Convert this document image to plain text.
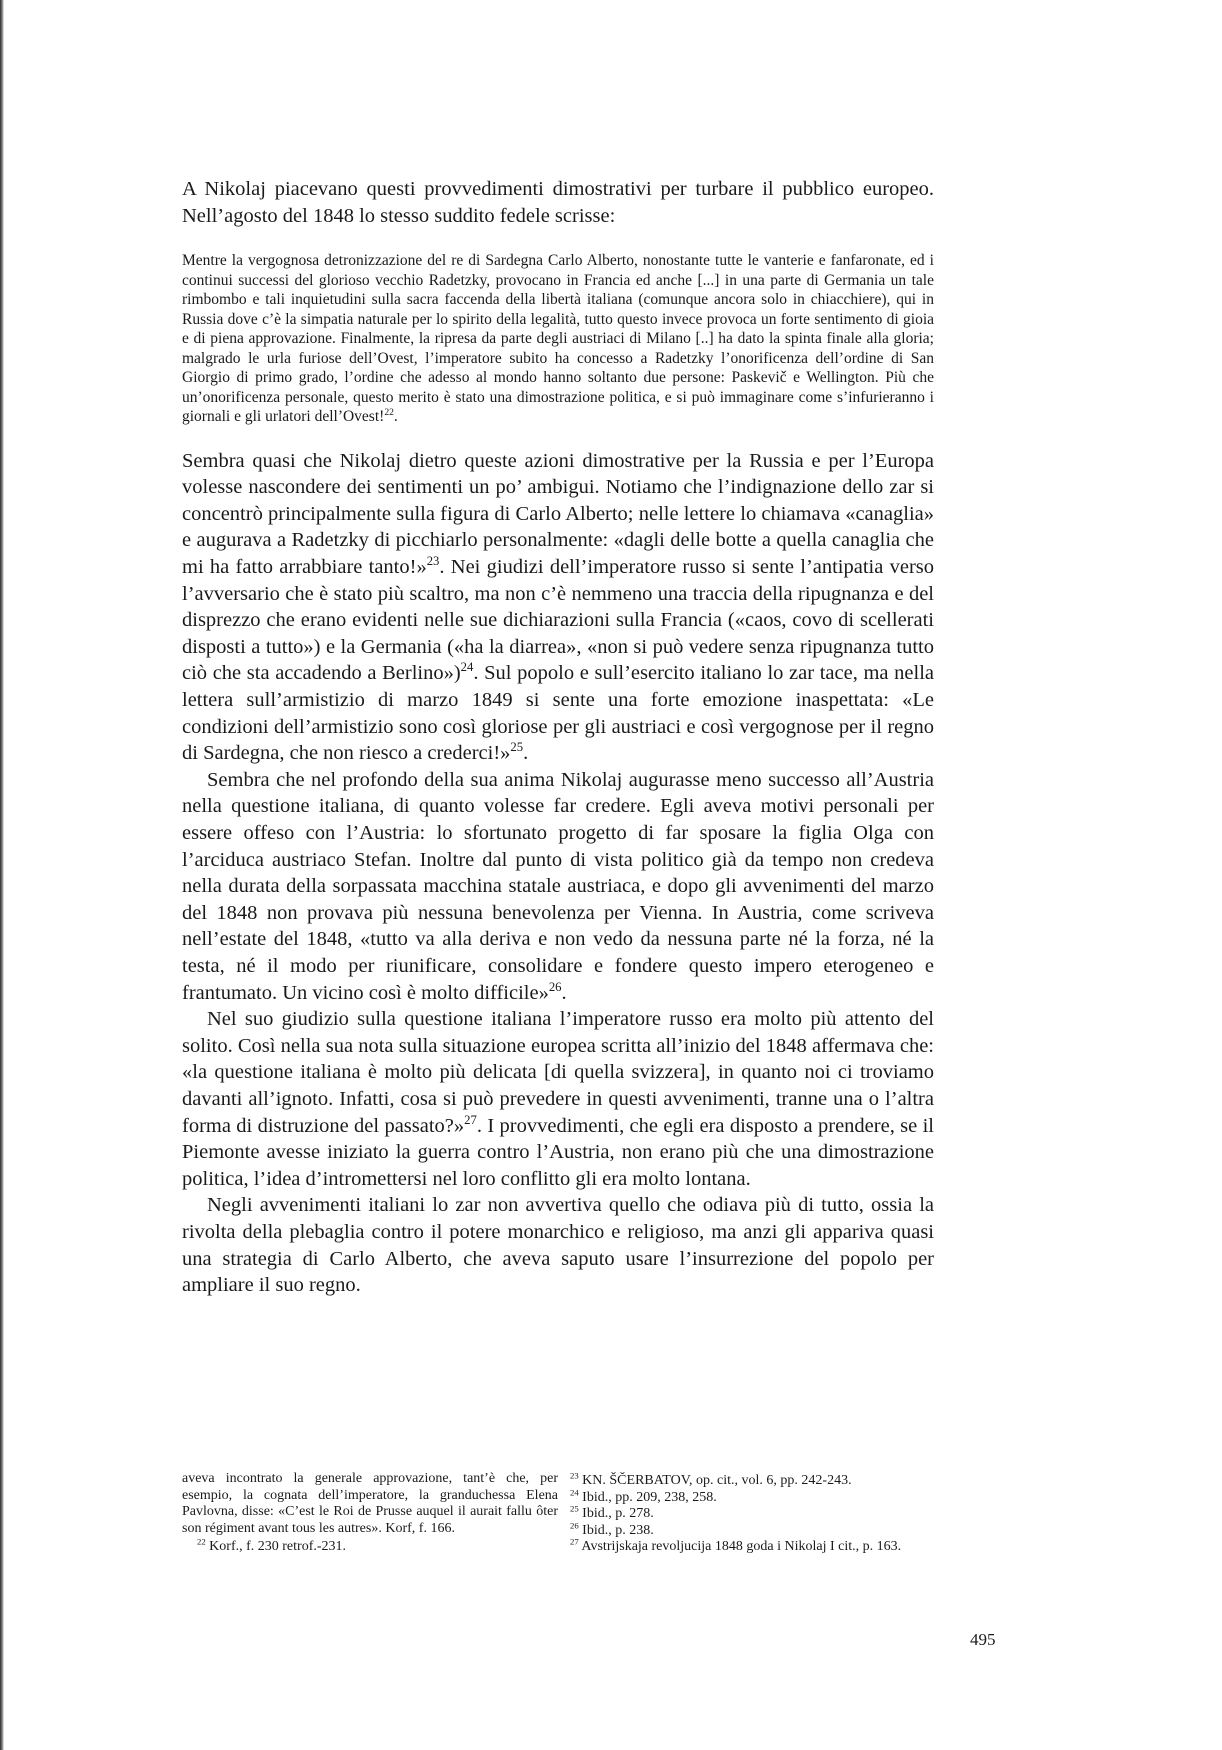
A Nikolaj piacevano questi provvedimenti dimostrativi per turbare il pubblico europeo. Nell’agosto del 1848 lo stesso suddito fedele scrisse:

Mentre la vergognosa detronizzazione del re di Sardegna Carlo Alberto, nonostante tutte le vanterie e fanfaronate, ed i continui successi del glorioso vecchio Radetzky, provocano in Francia ed anche [...] in una parte di Germania un tale rimbombo e tali inquietudini sulla sacra faccenda della libertà italiana (comunque ancora solo in chiacchiere), qui in Russia dove c’è la simpatia naturale per lo spirito della legalità, tutto questo invece provoca un forte sentimento di gioia e di piena approvazione. Finalmente, la ripresa da parte degli austriaci di Milano [..] ha dato la spinta finale alla gloria; malgrado le urla furiose dell’Ovest, l’imperatore subito ha concesso a Radetzky l’onorificenza dell’ordine di San Giorgio di primo grado, l’ordine che adesso al mondo hanno soltanto due persone: Paskevič e Wellington. Più che un’onorificenza personale, questo merito è stato una dimostrazione politica, e si può immaginare come s’infurieranno i giornali e gli urlatori dell’Ovest!$^{22}$.

Sembra quasi che Nikolaj dietro queste azioni dimostrative per la Russia e per l’Europa volesse nascondere dei sentimenti un po’ ambigui. Notiamo che l’indignazione dello zar si concentrò principalmente sulla figura di Carlo Alberto; nelle lettere lo chiamava «canaglia» e augurava a Radetzky di picchiarlo personalmente: «dagli delle botte a quella canaglia che mi ha fatto arrabbiare tanto!»$^{23}$. Nei giudizi dell’imperatore russo si sente l’antipatia verso l’avversario che è stato più scaltro, ma non c’è nemmeno una traccia della ripugnanza e del disprezzo che erano evidenti nelle sue dichiarazioni sulla Francia («caos, covo di scellerati disposti a tutto») e la Germania («ha la diarrea», «non si può vedere senza ripugnanza tutto ciò che sta accadendo a Berlino»)$^{24}$. Sul popolo e sull’esercito italiano lo zar tace, ma nella lettera sull’armistizio di marzo 1849 si sente una forte emozione inaspettata: «Le condizioni dell’armistizio sono così gloriose per gli austriaci e così vergognose per il regno di Sardegna, che non riesco a crederci!»$^{25}$.

Sembra che nel profondo della sua anima Nikolaj augurasse meno successo all’Austria nella questione italiana, di quanto volesse far credere. Egli aveva motivi personali per essere offeso con l’Austria: lo sfortunato progetto di far sposare la figlia Olga con l’arciduca austriaco Stefan. Inoltre dal punto di vista politico già da tempo non credeva nella durata della sorpassata macchina statale austriaca, e dopo gli avvenimenti del marzo del 1848 non provava più nessuna benevolenza per Vienna. In Austria, come scriveva nell’estate del 1848, «tutto va alla deriva e non vedo da nessuna parte né la forza, né la testa, né il modo per riunificare, consolidare e fondere questo impero eterogeneo e frantumato. Un vicino così è molto difficile»$^{26}$.

Nel suo giudizio sulla questione italiana l’imperatore russo era molto più attento del solito. Così nella sua nota sulla situazione europea scritta all’inizio del 1848 affermava che: «la questione italiana è molto più delicata [di quella svizzera], in quanto noi ci troviamo davanti all’ignoto. Infatti, cosa si può prevedere in questi avvenimenti, tranne una o l’altra forma di distruzione del passato?»$^{27}$. I provvedimenti, che egli era disposto a prendere, se il Piemonte avesse iniziato la guerra contro l’Austria, non erano più che una dimostrazione politica, l’idea d’intromettersi nel loro conflitto gli era molto lontana.

Negli avvenimenti italiani lo zar non avvertiva quello che odiava più di tutto, ossia la rivolta della plebaglia contro il potere monarchico e religioso, ma anzi gli appariva quasi una strategia di Carlo Alberto, che aveva saputo usare l’insurrezione del popolo per ampliare il suo regno.

aveva incontrato la generale approvazione, tant’è che, per esempio, la cognata dell’imperatore, la granduchessa Elena Pavlovna, disse: «C’est le Roi de Prusse auquel il aurait fallu ôter son régiment avant tous les autres». Korf, f. 166.

$^{22}$ Korf., f. 230 retrof.-231.

$^{23}$ KN. ŠČERBATOV, op. cit., vol. 6, pp. 242-243.

$^{24}$ Ibid., pp. 209, 238, 258.

$^{25}$ Ibid., p. 278.

$^{26}$ Ibid., p. 238.

$^{27}$ Avstrijskaja revoljucija 1848 goda i Nikolaj I cit., p. 163.

495
